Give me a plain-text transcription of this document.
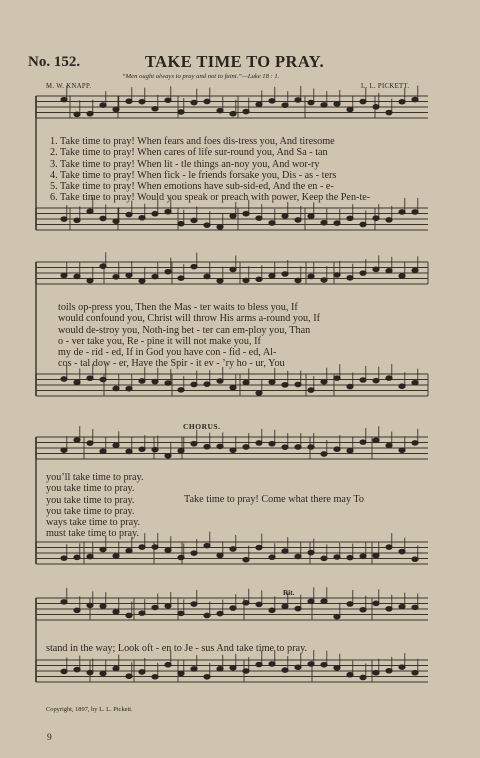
No. 152.	TAKE TIME TO PRAY.
“Men ought always to pray and not to faint.”—Luke 18 : 1.
M. W. KNAPP.	L. L. PICKETT.
1. Take time to pray! When fears and foes dis-tress you, And tiresome
2. Take time to pray! When cares of life sur-round you, And Sa - tan
3. Take time to pray! When lit - tle things an-noy you, And wor-ry
4. Take time to pray! When fick - le friends forsake you, Dis - as - ters
5. Take time to pray! When emotions have sub-sid-ed, And the en - e-
6. Take time to pray! Would you speak or preach with power, Keep the Pen-te-
toils op-press you, Then the Mas - ter waits to bless you, If
would confound you, Christ will throw His arms a-round you, If
would de-stroy you, Noth-ing bet - ter can em-ploy you, Than
o - ver take you, Re - pine it will not make you, If
my de - rid - ed, If in God you have con - fid - ed, Al-
cos - tal dow - er, Have the Spir - it ev - ’ry ho - ur, You
CHORUS.
you’ll take time to pray.
you take time to pray.
you take time to pray.
you take time to pray.
ways take time to pray.
must take time to pray.
Take time to pray! Come what there may To
Rit.
stand in the way; Look oft - en to Je - sus And take time to pray.
Copyright, 1897, by L. L. Pickett.
9
